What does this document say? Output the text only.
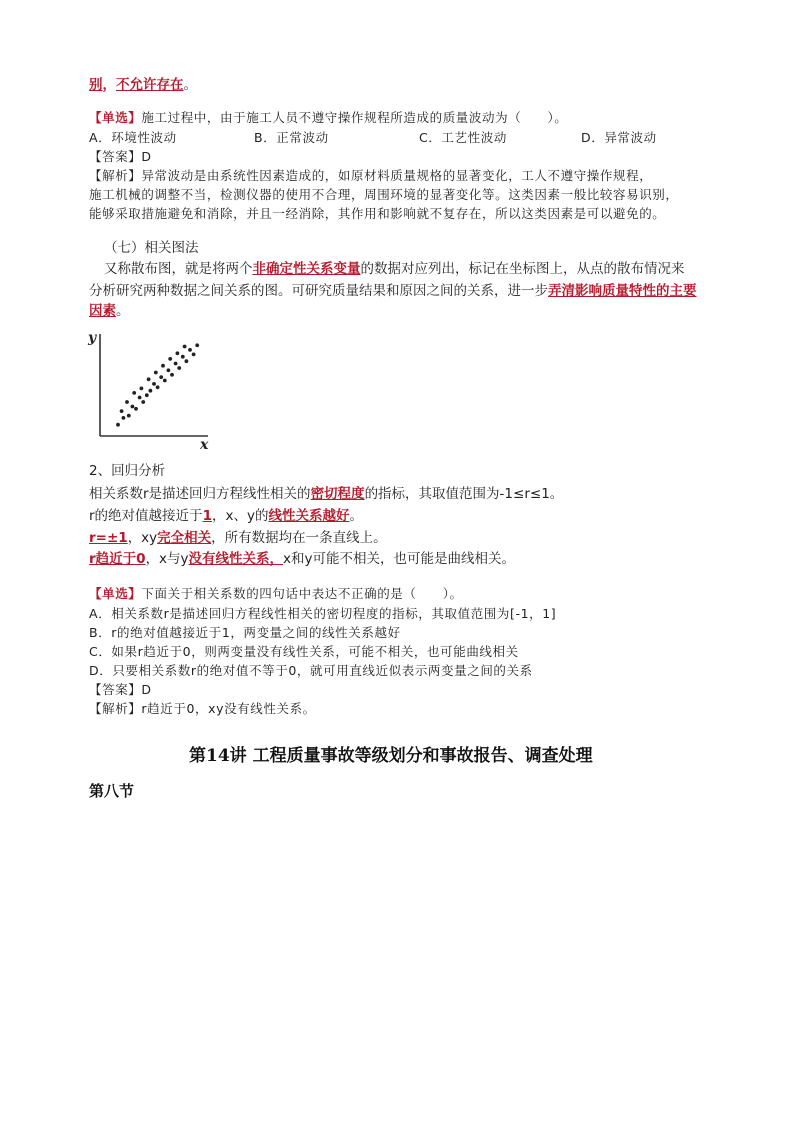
别，不允许存在。
【单选】施工过程中，由于施工人员不遵守操作规程所造成的质量波动为（　　）。
A．环境性波动	B．正常波动	C．工艺性波动	D．异常波动
【答案】D
【解析】异常波动是由系统性因素造成的，如原材料质量规格的显著变化，工人不遵守操作规程，
施工机械的调整不当，检测仪器的使用不合理，周围环境的显著变化等。这类因素一般比较容易识别，
能够采取措施避免和消除，并且一经消除，其作用和影响就不复存在，所以这类因素是可以避免的。
（七）相关图法
又称散布图，就是将两个非确定性关系变量的数据对应列出，标记在坐标图上，从点的散布情况来
分析研究两种数据之间关系的图。可研究质量结果和原因之间的关系，进一步弄清影响质量特性的主要
因素。
y
x
2、回归分析
相关系数r是描述回归方程线性相关的密切程度的指标，其取值范围为-1≤r≤1。
r的绝对值越接近于1，x、y的线性关系越好。
r=±1，xy完全相关，所有数据均在一条直线上。
r趋近于0，x与y没有线性关系，x和y可能不相关，也可能是曲线相关。
【单选】下面关于相关系数的四句话中表达不正确的是（　　）。
A．相关系数r是描述回归方程线性相关的密切程度的指标，其取值范围为[-1，1]
B．r的绝对值越接近于1，两变量之间的线性关系越好
C．如果r趋近于0，则两变量没有线性关系，可能不相关，也可能曲线相关
D．只要相关系数r的绝对值不等于0，就可用直线近似表示两变量之间的关系
【答案】D
【解析】r趋近于0，xy没有线性关系。
第14讲 工程质量事故等级划分和事故报告、调查处理
第八节
